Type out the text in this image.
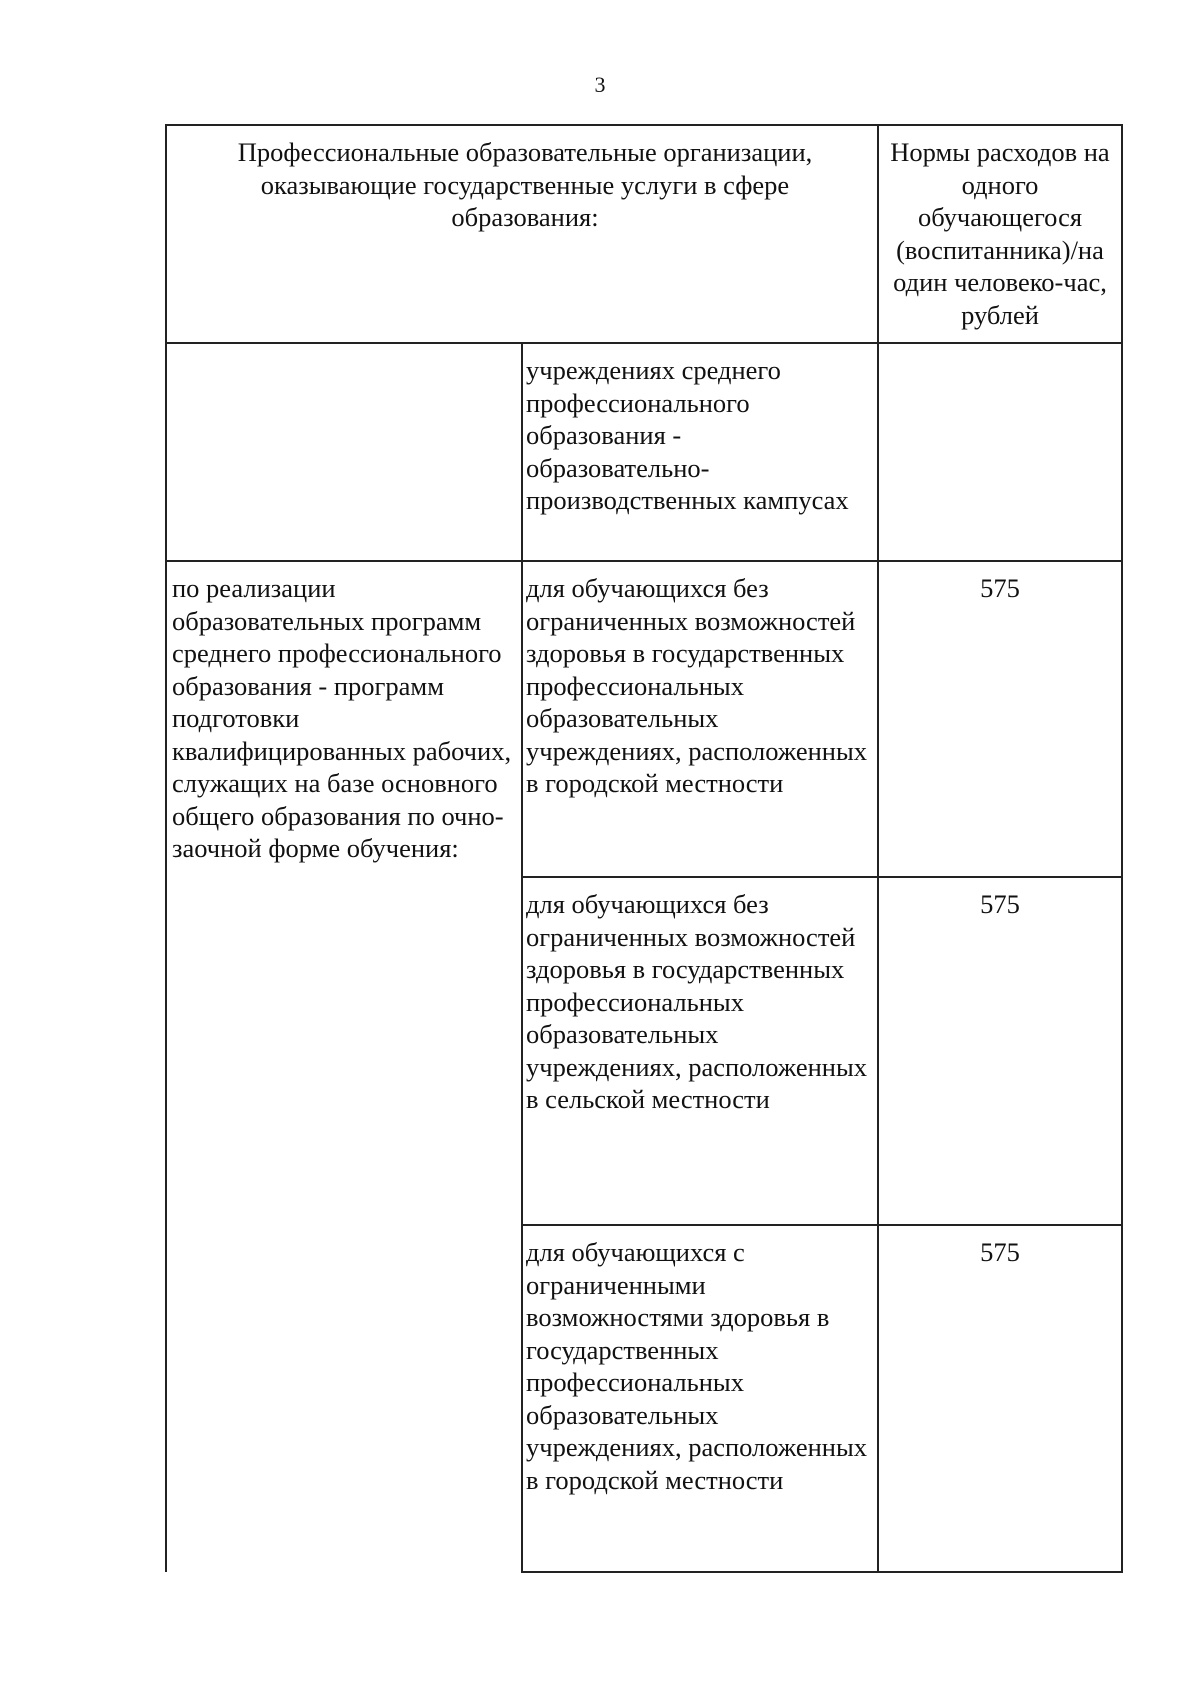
3
Профессиональные образовательные организации, оказывающие государственные услуги в сфере образования:
Нормы расходов на одного обучающегося (воспитанника)/на один человеко-час, рублей
учреждениях среднего профессионального образования - образовательно-производственных кампусах
по реализации образовательных программ среднего профессионального образования - программ подготовки квалифицированных рабочих, служащих на базе основного общего образования по очно-заочной форме обучения:
для обучающихся без ограниченных возможностей здоровья в государственных профессиональных образовательных учреждениях, расположенных в городской местности
575
для обучающихся без ограниченных возможностей здоровья в государственных профессиональных образовательных учреждениях, расположенных в сельской местности
575
для обучающихся с ограниченными возможностями здоровья в государственных профессиональных образовательных учреждениях, расположенных в городской местности
575
